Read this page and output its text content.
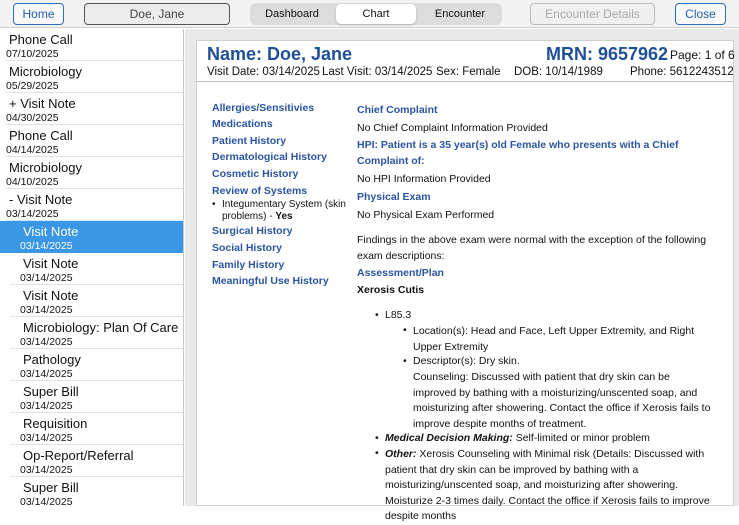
Home	Doe, Jane	Dashboard	Chart	Encounter	Encounter Details	Close
Phone Call
07/10/2025
Microbiology
05/29/2025
+ Visit Note
04/30/2025
Phone Call
04/14/2025
Microbiology
04/10/2025
- Visit Note
03/14/2025
Visit Note
03/14/2025
Visit Note
03/14/2025
Visit Note
03/14/2025
Microbiology: Plan Of Care
03/14/2025
Pathology
03/14/2025
Super Bill
03/14/2025
Requisition
03/14/2025
Op-Report/Referral
03/14/2025
Super Bill
03/14/2025
Name: Doe, Jane	MRN: 9657962 Page: 1 of 6
Visit Date: 03/14/2025 Last Visit: 03/14/2025 Sex: Female DOB: 10/14/1989 Phone: 5612243512
Allergies/Sensitivies
Medications
Patient History
Dermatological History
Cosmetic History
Review of Systems
• Integumentary System (skin problems) - Yes
Surgical History
Social History
Family History
Meaningful Use History
Chief Complaint
No Chief Complaint Information Provided
HPI: Patient is a 35 year(s) old Female who presents with a Chief Complaint of:
No HPI Information Provided
Physical Exam
No Physical Exam Performed
Findings in the above exam were normal with the exception of the following exam descriptions:
Assessment/Plan
Xerosis Cutis
• L85.3
• Location(s): Head and Face, Left Upper Extremity, and Right Upper Extremity
• Descriptor(s): Dry skin.
Counseling: Discussed with patient that dry skin can be improved by bathing with a moisturizing/unscented soap, and moisturizing after showering. Contact the office if Xerosis fails to improve despite months of treatment.
• Medical Decision Making: Self-limited or minor problem
• Other: Xerosis Counseling with Minimal risk (Details: Discussed with patient that dry skin can be improved by bathing with a moisturizing/unscented soap, and moisturizing after showering. Moisturize 2-3 times daily. Contact the office if Xerosis fails to improve despite months
